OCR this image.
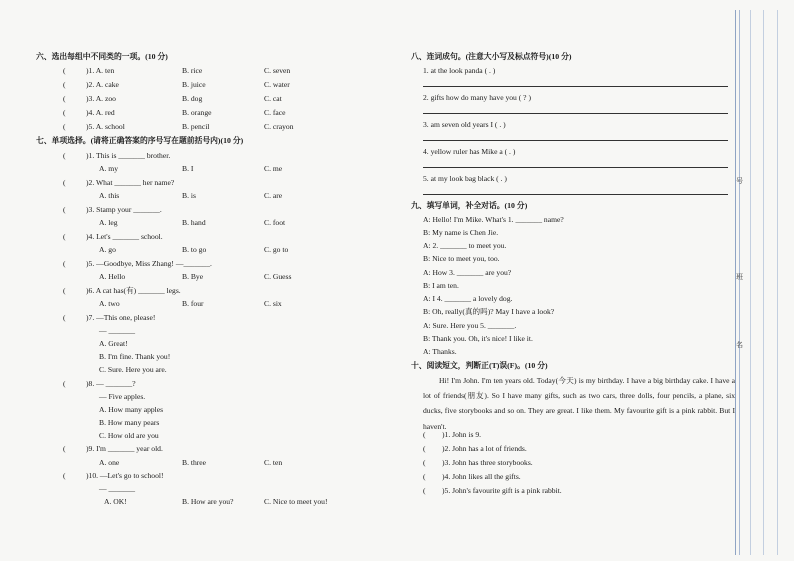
六、选出每组中不同类的一项。(10 分)
(	)1. A. ten	B. rice	C. seven
(	)2. A. cake	B. juice	C. water
(	)3. A. zoo	B. dog	C. cat
(	)4. A. red	B. orange	C. face
(	)5. A. school	B. pencil	C. crayon
七、单项选择。(请将正确答案的序号写在题前括号内)(10 分)
(	)1. This is _______ brother.
A. my	B. I	C. me
(	)2. What _______ her name?
A. this	B. is	C. are
(	)3. Stamp your _______.
A. leg	B. hand	C. foot
(	)4. Let's _______ school.
A. go	B. to go	C. go to
(	)5. —Goodbye, Miss Zhang! —_______.
A. Hello	B. Bye	C. Guess
(	)6. A cat has(有) _______ legs.
A. two	B. four	C. six
(	)7. —This one, please!
— _______
A. Great!
B. I'm fine. Thank you!
C. Sure. Here you are.
(	)8. — _______?
— Five apples.
A. How many apples
B. How many pears
C. How old are you
(	)9. I'm _______ year old.
A. one	B. three	C. ten
(	)10. —Let's go to school!
— _______
A. OK!	B. How are you?	C. Nice to meet you!
八、连词成句。(注意大小写及标点符号)(10 分)
1. at the look panda ( . )
2. gifts how do many have you ( ? )
3. am seven old years I ( . )
4. yellow ruler has Mike a ( . )
5. at my look bag black ( . )
九、填写单词，补全对话。(10 分)
A: Hello! I'm Mike. What's 1. _______ name?
B: My name is Chen Jie.
A: 2. _______ to meet you.
B: Nice to meet you, too.
A: How 3. _______ are you?
B: I am ten.
A: I 4. _______ a lovely dog.
B: Oh, really(真的吗)? May I have a look?
A: Sure. Here you 5. _______.
B: Thank you. Oh, it's nice! I like it.
A: Thanks.
十、阅读短文，判断正(T)误(F)。(10 分)
Hi! I'm John. I'm ten years old. Today(今天) is my birthday. I have a big birthday cake. I have a lot of friends(朋友). So I have many gifts, such as two cars, three dolls, four pencils, a plane, six ducks, five storybooks and so on. They are great. I like them. My favourite gift is a pink rabbit. But I haven't.
( )1. John is 9.
( )2. John has a lot of friends.
( )3. John has three storybooks.
( )4. John likes all the gifts.
( )5. John's favourite gift is a pink rabbit.
号
班
名
